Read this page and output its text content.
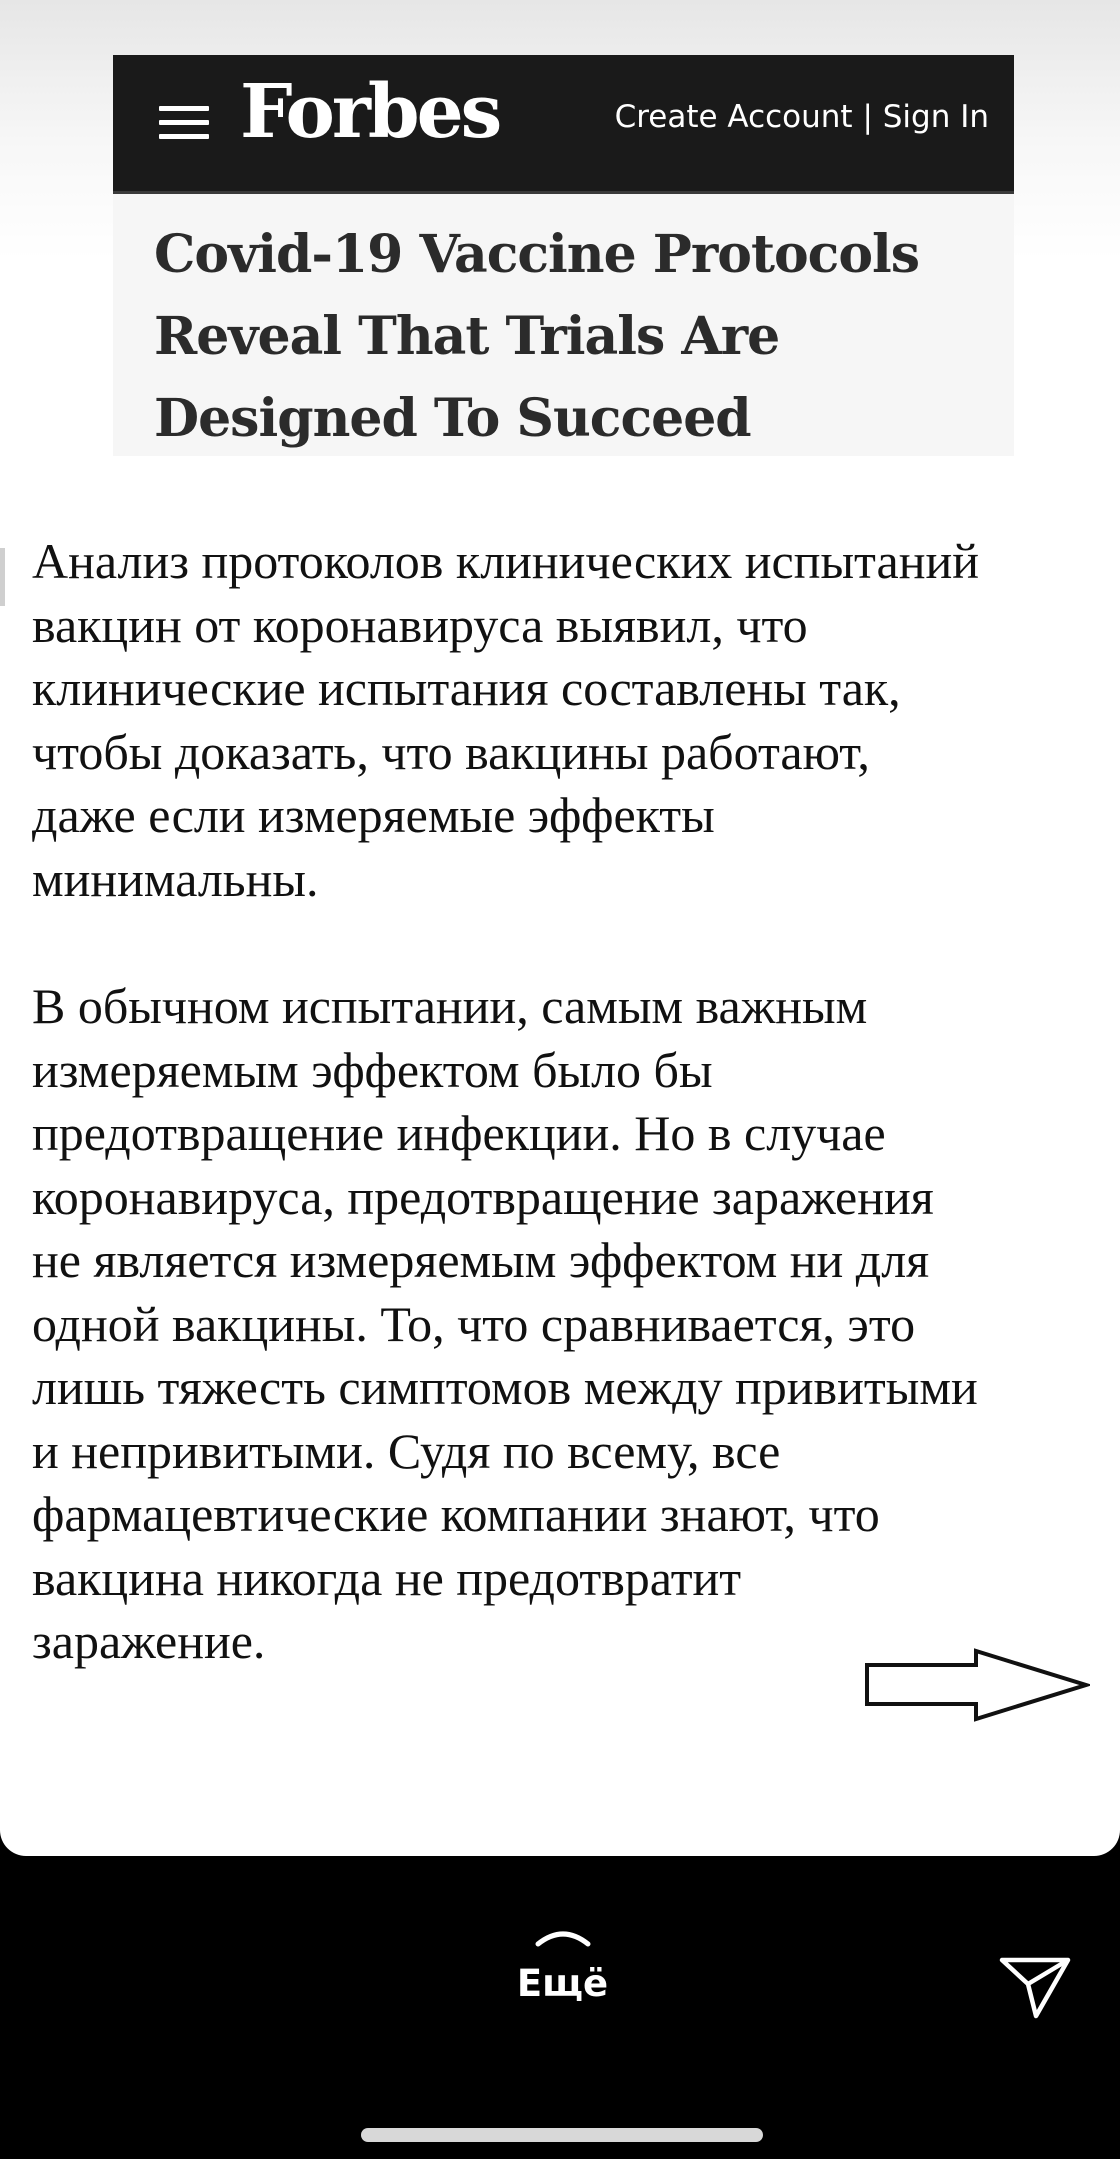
Forbes	Create Account | Sign In
Covid-19 Vaccine Protocols
Reveal That Trials Are
Designed To Succeed

Анализ протоколов клинических испытаний
вакцин от коронавируса выявил, что
клинические испытания составлены так,
чтобы доказать, что вакцины работают,
даже если измеряемые эффекты
минимальны.

В обычном испытании, самым важным
измеряемым эффектом было бы
предотвращение инфекции. Но в случае
коронавируса, предотвращение заражения
не является измеряемым эффектом ни для
одной вакцины. То, что сравнивается, это
лишь тяжесть симптомов между привитыми
и непривитыми. Судя по всему, все
фармацевтические компании знают, что
вакцина никогда не предотвратит
заражение.

Ещё
